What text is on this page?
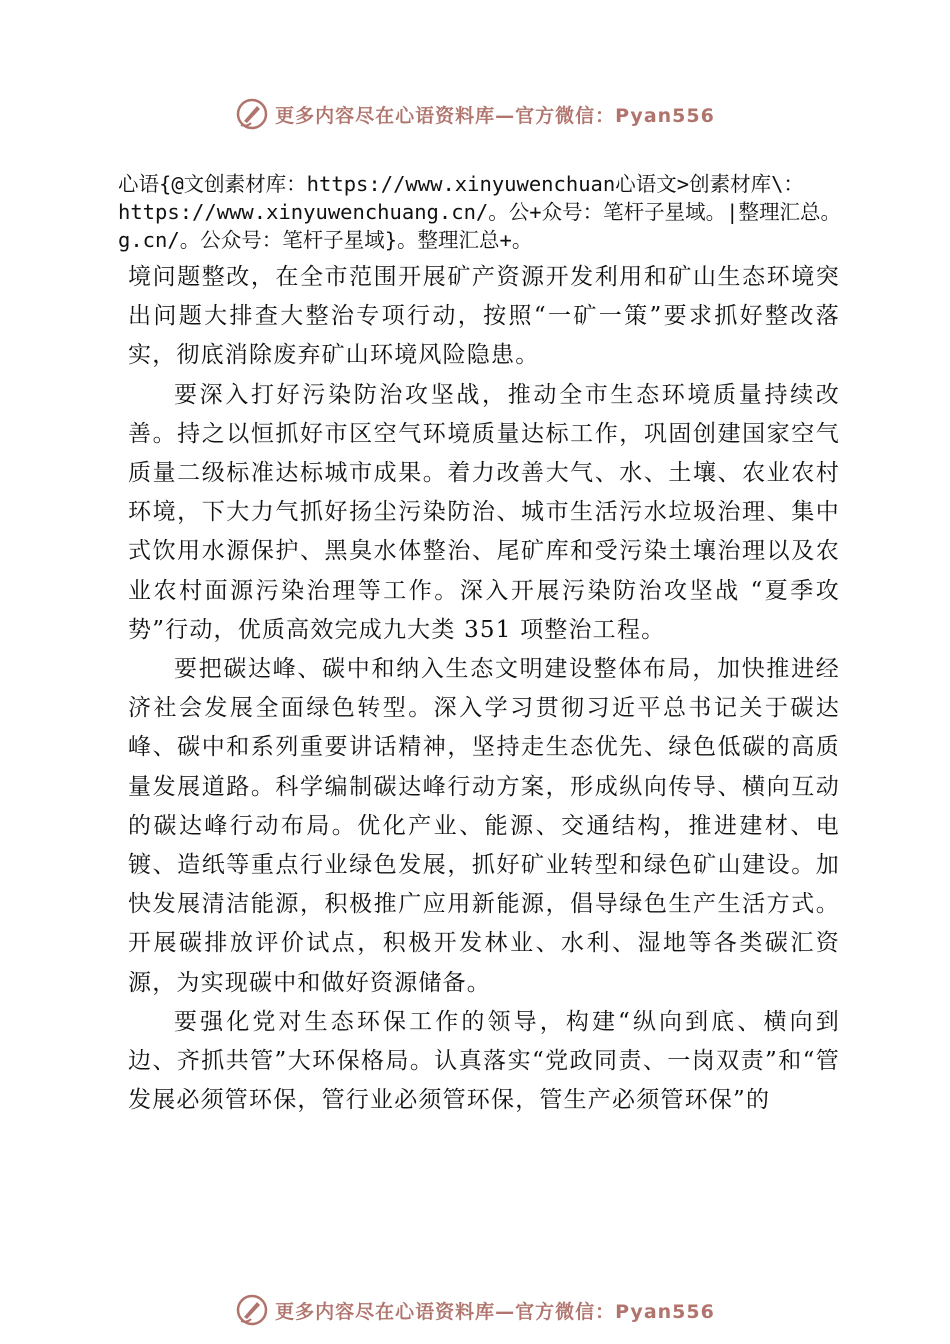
更多内容尽在心语资料库—官方微信：Pyan556
心语{@文创素材库：https://www.xinyuwenchuan心语文>创素材库\：https://www.xinyuwenchuang.cn/。公+众号：笔杆子星域。|整理汇总。g.cn/。公众号：笔杆子星域}。整理汇总+。

境问题整改，在全市范围开展矿产资源开发利用和矿山生态环境突出问题大排查大整治专项行动，按照“一矿一策”要求抓好整改落实，彻底消除废弃矿山环境风险隐患。

要深入打好污染防治攻坚战，推动全市生态环境质量持续改善。持之以恒抓好市区空气环境质量达标工作，巩固创建国家空气质量二级标准达标城市成果。着力改善大气、水、土壤、农业农村环境，下大力气抓好扬尘污染防治、城市生活污水垃圾治理、集中式饮用水源保护、黑臭水体整治、尾矿库和受污染土壤治理以及农业农村面源污染治理等工作。深入开展污染防治攻坚战 “夏季攻势”行动，优质高效完成九大类 351 项整治工程。

要把碳达峰、碳中和纳入生态文明建设整体布局，加快推进经济社会发展全面绿色转型。深入学习贯彻习近平总书记关于碳达峰、碳中和系列重要讲话精神，坚持走生态优先、绿色低碳的高质量发展道路。科学编制碳达峰行动方案，形成纵向传导、横向互动的碳达峰行动布局。优化产业、能源、交通结构，推进建材、电镀、造纸等重点行业绿色发展，抓好矿业转型和绿色矿山建设。加快发展清洁能源，积极推广应用新能源，倡导绿色生产生活方式。开展碳排放评价试点，积极开发林业、水利、湿地等各类碳汇资源，为实现碳中和做好资源储备。

要强化党对生态环保工作的领导，构建“纵向到底、横向到边、齐抓共管”大环保格局。认真落实“党政同责、一岗双责”和“管发展必须管环保，管行业必须管环保，管生产必须管环保”的

更多内容尽在心语资料库—官方微信：Pyan556
